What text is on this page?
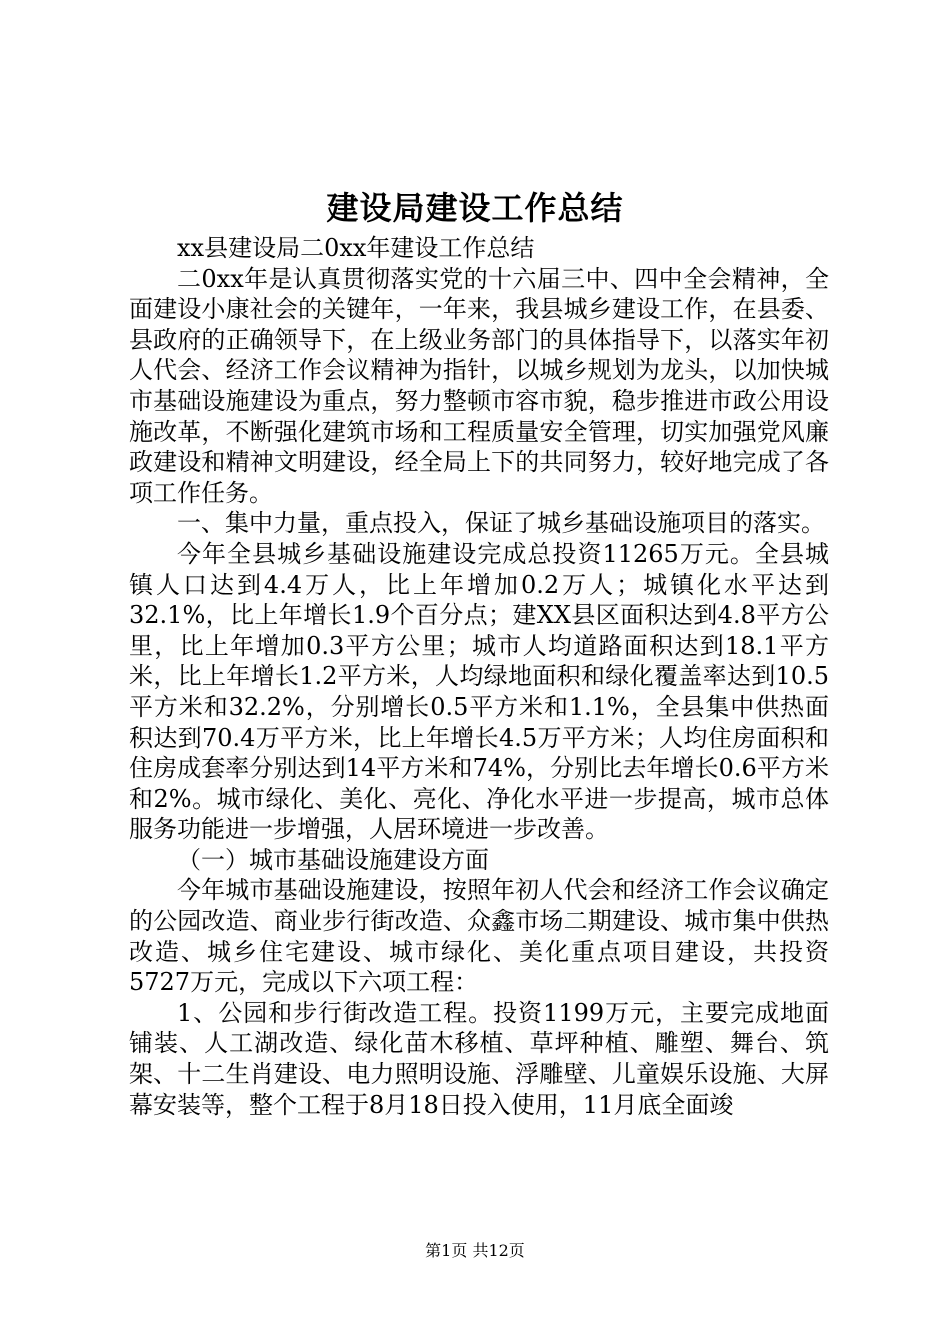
建设局建设工作总结

xx县建设局二0xx年建设工作总结

二0xx年是认真贯彻落实党的十六届三中、四中全会精神，全面建设小康社会的关键年，一年来，我县城乡建设工作，在县委、县政府的正确领导下，在上级业务部门的具体指导下，以落实年初人代会、经济工作会议精神为指针，以城乡规划为龙头，以加快城市基础设施建设为重点，努力整顿市容市貌，稳步推进市政公用设施改革，不断强化建筑市场和工程质量安全管理，切实加强党风廉政建设和精神文明建设，经全局上下的共同努力，较好地完成了各项工作任务。

一、集中力量，重点投入，保证了城乡基础设施项目的落实。

今年全县城乡基础设施建设完成总投资11265万元。全县城镇人口达到4.4万人，比上年增加0.2万人；城镇化水平达到32.1%，比上年增长1.9个百分点；建XX县区面积达到4.8平方公里，比上年增加0.3平方公里；城市人均道路面积达到18.1平方米，比上年增长1.2平方米，人均绿地面积和绿化覆盖率达到10.5平方米和32.2%，分别增长0.5平方米和1.1%，全县集中供热面积达到70.4万平方米，比上年增长4.5万平方米；人均住房面积和住房成套率分别达到14平方米和74%，分别比去年增长0.6平方米和2%。城市绿化、美化、亮化、净化水平进一步提高，城市总体服务功能进一步增强，人居环境进一步改善。

（一）城市基础设施建设方面

今年城市基础设施建设，按照年初人代会和经济工作会议确定的公园改造、商业步行街改造、众鑫市场二期建设、城市集中供热改造、城乡住宅建设、城市绿化、美化重点项目建设，共投资5727万元，完成以下六项工程：

1、公园和步行街改造工程。投资1199万元，主要完成地面铺装、人工湖改造、绿化苗木移植、草坪种植、雕塑、舞台、筑架、十二生肖建设、电力照明设施、浮雕壁、儿童娱乐设施、大屏幕安装等，整个工程于8月18日投入使用，11月底全面竣

第1页 共12页
